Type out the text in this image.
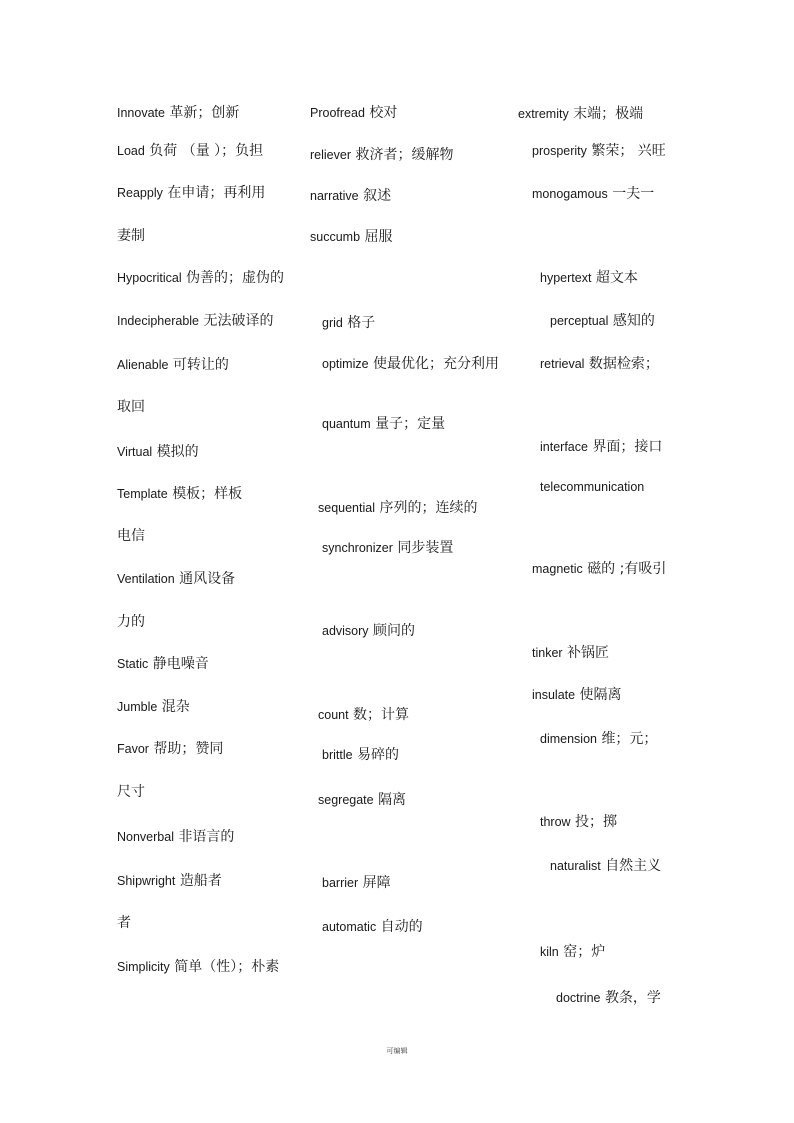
Innovate 革新；创新
Load 负荷 （量 ）；负担
Reapply 在申请；再利用
妻制
Hypocritical 伪善的；虚伪的
Indecipherable 无法破译的
Alienable 可转让的
取回
Virtual 模拟的
Template 模板；样板
电信
Ventilation 通风设备
力的
Static 静电噪音
Jumble 混杂
Favor 帮助；赞同
尺寸
Nonverbal 非语言的
Shipwright 造船者
者
Simplicity 简单（性）；朴素
Proofread 校对
reliever 救济者；缓解物
narrative 叙述
succumb 屈服
grid 格子
optimize 使最优化；充分利用
quantum 量子；定量
sequential 序列的；连续的
synchronizer 同步装置
advisory 顾问的
count 数；计算
brittle 易碎的
segregate 隔离
barrier 屏障
automatic 自动的
extremity 末端；极端
prosperity 繁荣； 兴旺
monogamous 一夫一
hypertext 超文本
perceptual 感知的
retrieval 数据检索；
interface 界面；接口
telecommunication
magnetic 磁的 ;有吸引
tinker 补锅匠
insulate 使隔离
dimension 维；元；
throw 投；掷
naturalist 自然主义
kiln 窑；炉
doctrine 教条，学
可编辑
